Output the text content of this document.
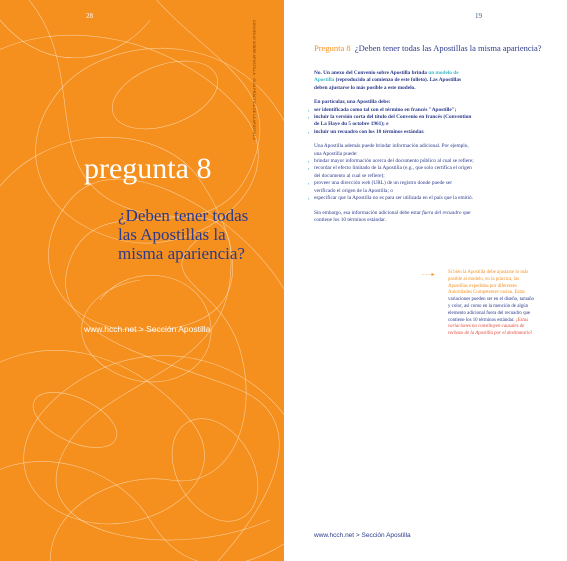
28
CONVENIO SOBRE APOSTILLA · GUÍA PRÁCTICA DE LA APOSTILLA
pregunta 8
¿Deben tener todas las Apostillas la misma apariencia?
www.hcch.net > Sección Apostilla
19
Pregunta 8 ¿Deben tener todas las Apostillas la misma apariencia?

No. Un anexo del Convenio sobre Apostilla brinda un modelo de Apostilla (reproducido al comienzo de este folleto). Las Apostillas deben ajustarse lo más posible a este modelo.

En particular, una Apostilla debe:

▪ ser identificada como tal con el término en francés "Apostille";
▪ incluir la versión corta del título del Convenio en francés (Convention de La Haye du 5 octobre 1961); e
▪ incluir un recuadro con los 10 términos estándar.

Una Apostilla además puede brindar información adicional. Por ejemplo, una Apostilla puede:

▪ brindar mayor información acerca del documento público al cual se refiere;
▪ recordar el efecto limitado de la Apostilla (e.g., que solo certifica el origen del documento al cual se refiere);
▪ proveer una dirección web (URL) de un registro donde puede ser verificado el origen de la Apostilla; o
▪ especificar que la Apostilla no es para ser utilizada en el país que la emitió.

Sin embargo, esa información adicional debe estar fuera del recuadro que contiene los 10 términos estándar.

·······▸	Si bien la Apostilla debe ajustarse lo más posible al modelo, en la práctica, las Apostillas expedidas por diferentes Autoridades Competentes varían. Estas variaciones pueden ser en el diseño, tamaño y color, así como en la mención de algún elemento adicional fuera del recuadro que contiene los 10 términos estándar. ¡Estas variaciones no constituyen causales de rechazo de la Apostilla por el destinatario!
www.hcch.net > Sección Apostilla
